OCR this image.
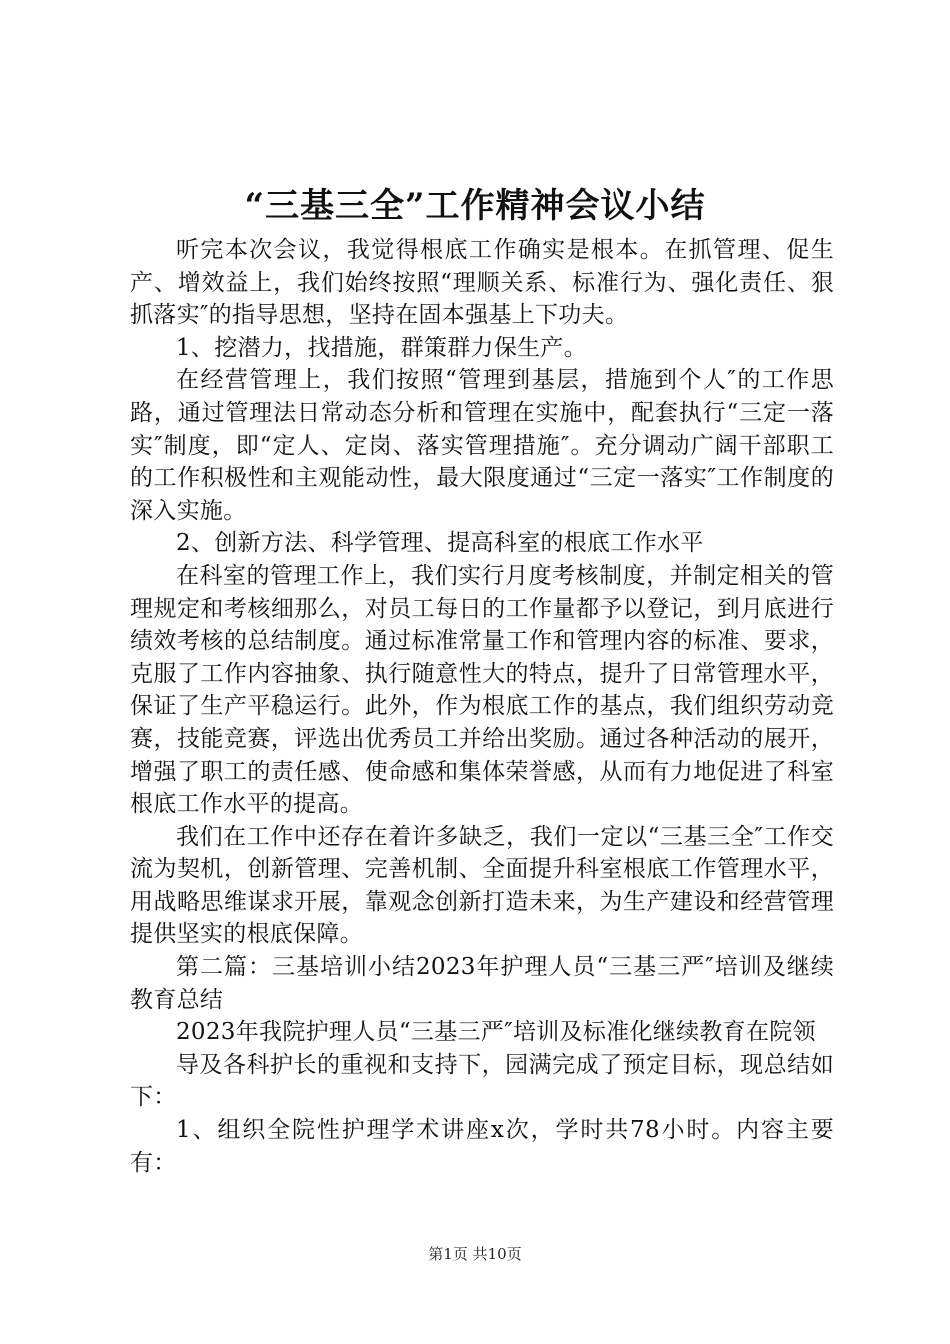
“三基三全”工作精神会议小结

听完本次会议，我觉得根底工作确实是根本。在抓管理、促生产、增效益上，我们始终按照“理顺关系、标准行为、强化责任、狠抓落实″的指导思想，坚持在固本强基上下功夫。

1、挖潜力，找措施，群策群力保生产。

在经营管理上，我们按照“管理到基层，措施到个人″的工作思路，通过管理法日常动态分析和管理在实施中，配套执行“三定一落实″制度，即“定人、定岗、落实管理措施″。充分调动广阔干部职工的工作积极性和主观能动性，最大限度通过“三定一落实″工作制度的深入实施。

2、创新方法、科学管理、提高科室的根底工作水平

在科室的管理工作上，我们实行月度考核制度，并制定相关的管理规定和考核细那么，对员工每日的工作量都予以登记，到月底进行绩效考核的总结制度。通过标准常量工作和管理内容的标准、要求，克服了工作内容抽象、执行随意性大的特点，提升了日常管理水平，保证了生产平稳运行。此外，作为根底工作的基点，我们组织劳动竞赛，技能竞赛，评选出优秀员工并给出奖励。通过各种活动的展开，增强了职工的责任感、使命感和集体荣誉感，从而有力地促进了科室根底工作水平的提高。

我们在工作中还存在着许多缺乏，我们一定以“三基三全″工作交流为契机，创新管理、完善机制、全面提升科室根底工作管理水平，用战略思维谋求开展，靠观念创新打造未来，为生产建设和经营管理提供坚实的根底保障。

第二篇：三基培训小结2023年护理人员“三基三严″培训及继续教育总结

2023年我院护理人员“三基三严″培训及标准化继续教育在院领

导及各科护长的重视和支持下，园满完成了预定目标，现总结如下：

1、组织全院性护理学术讲座x次，学时共78小时。内容主要有：

第1页 共10页
